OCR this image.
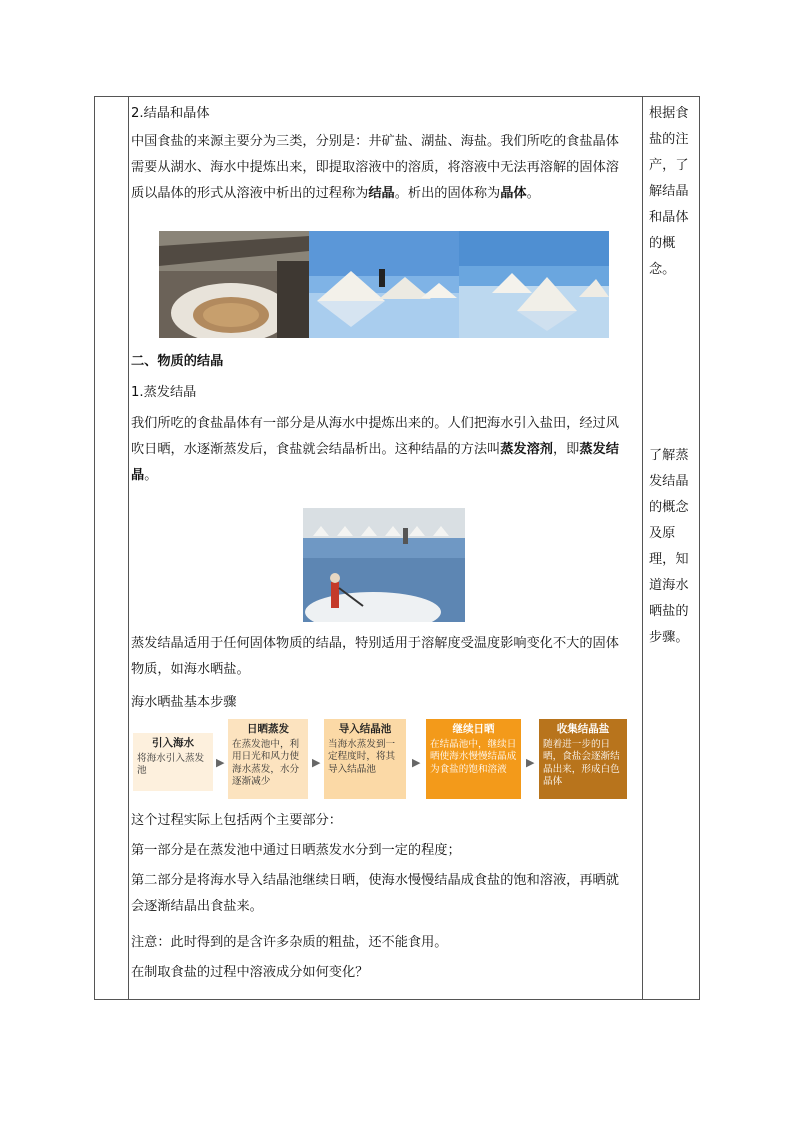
2.结晶和晶体

中国食盐的来源主要分为三类，分别是：井矿盐、湖盐、海盐。我们所吃的食盐晶体需要从湖水、海水中提炼出来，即提取溶液中的溶质，将溶液中无法再溶解的固体溶质以晶体的形式从溶液中析出的过程称为结晶。析出的固体称为晶体。

二、物质的结晶

1.蒸发结晶

我们所吃的食盐晶体有一部分是从海水中提炼出来的。人们把海水引入盐田，经过风吹日晒，水逐渐蒸发后，食盐就会结晶析出。这种结晶的方法叫蒸发溶剂，即蒸发结晶。

蒸发结晶适用于任何固体物质的结晶，特别适用于溶解度受温度影响变化不大的固体物质，如海水晒盐。

海水晒盐基本步骤

引入海水
将海水引入蒸发池
▶
日晒蒸发
在蒸发池中，利用日光和风力使海水蒸发，水分逐渐减少
▶
导入结晶池
当海水蒸发到一定程度时，将其导入结晶池	▶
继续日晒
在结晶池中，继续日晒使海水慢慢结晶成为食盐的饱和溶液	▶
收集结晶盐
随着进一步的日晒，食盐会逐渐结晶出来，形成白色晶体

这个过程实际上包括两个主要部分：

第一部分是在蒸发池中通过日晒蒸发水分到一定的程度；

第二部分是将海水导入结晶池继续日晒，使海水慢慢结晶成食盐的饱和溶液，再晒就会逐渐结晶出食盐来。

注意：此时得到的是含许多杂质的粗盐，还不能食用。

在制取食盐的过程中溶液成分如何变化？

根据食
盐的注
产，了
解结晶
和晶体
的概
念。
了解蒸
发结晶
的概念
及原
理，知
道海水
晒盐的
步骤。
